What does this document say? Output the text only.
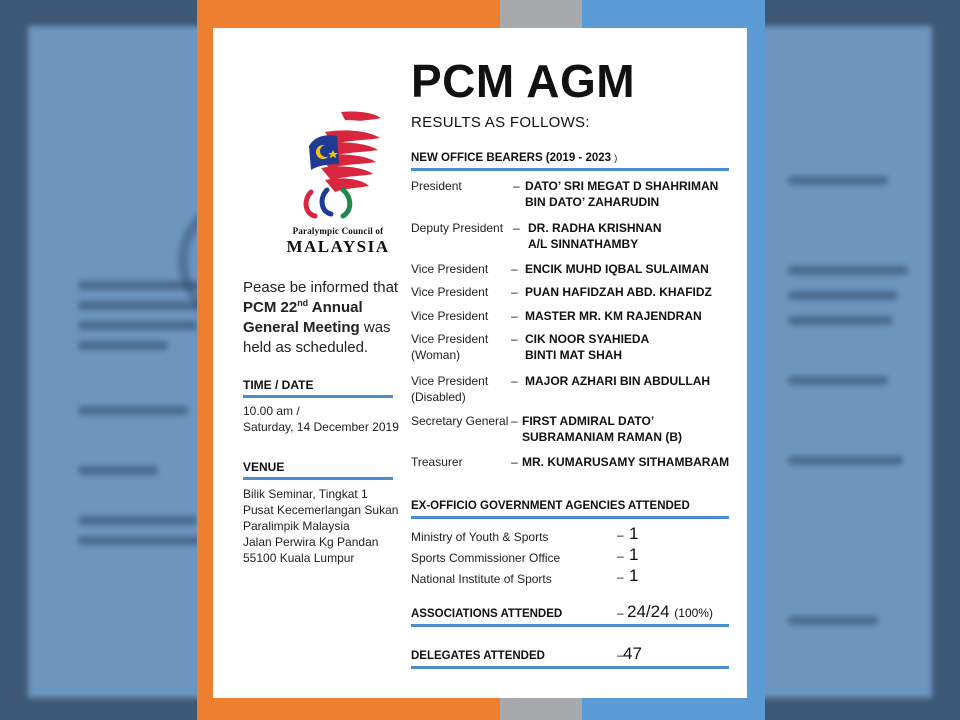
Paralympic Council of
MALAYSIA
Pease be informed that PCM 22nd Annual General Meeting was held as scheduled.
TIME / DATE
10.00 am /
Saturday, 14 December 2019
VENUE
Bilik Seminar, Tingkat 1
Pusat Kecemerlangan Sukan
Paralimpik Malaysia
Jalan Perwira Kg Pandan
55100 Kuala Lumpur
PCM AGM
RESULTS AS FOLLOWS:
NEW OFFICE BEARERS (2019 - 2023 )
President	– DATO’ SRI MEGAT D SHAHRIMAN BIN DATO’ ZAHARUDIN
Deputy President – DR. RADHA KRISHNAN A/L SINNATHAMBY
Vice President	– ENCIK MUHD IQBAL SULAIMAN
Vice President	– PUAN HAFIDZAH ABD. KHAFIDZ
Vice President	– MASTER MR. KM RAJENDRAN
Vice President (Woman)
– CIK NOOR SYAHIEDA BINTI MAT SHAH
Vice President (Disabled)
– MAJOR AZHARI BIN ABDULLAH
Secretary General – FIRST ADMIRAL DATO’ SUBRAMANIAM RAMAN (B)
Treasurer	– MR. KUMARUSAMY SITHAMBARAM
EX-OFFICIO GOVERNMENT AGENCIES ATTENDED
Ministry of Youth & Sports	– 1
Sports Commissioner Office	– 1
National Institute of Sports	– 1
ASSOCIATIONS ATTENDED	– 24/24 (100%)
DELEGATES ATTENDED	– 47
